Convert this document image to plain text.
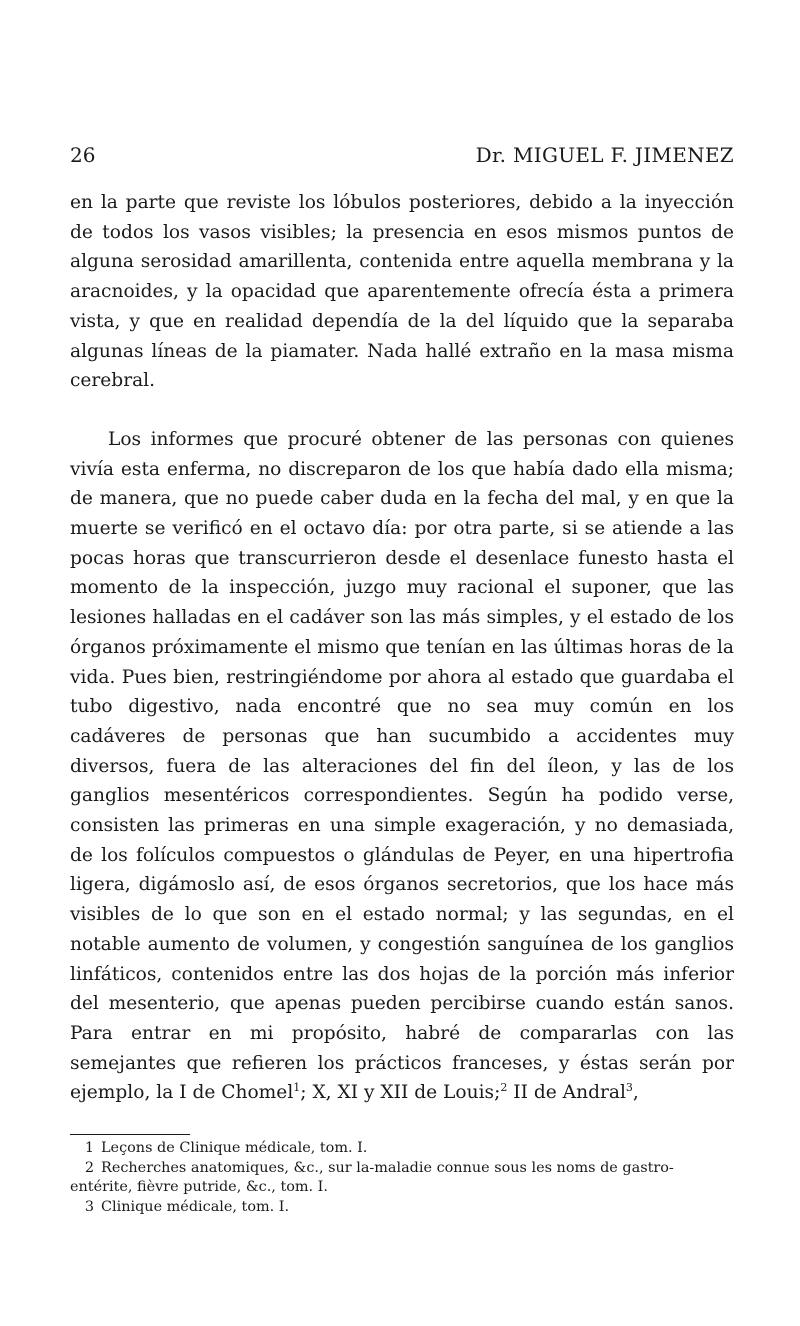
26	Dr. MIGUEL F. JIMENEZ

en la parte que reviste los lóbulos posteriores, debido a la inyección de todos los vasos visibles; la presencia en esos mismos puntos de alguna serosidad amarillenta, contenida entre aquella membrana y la aracnoides, y la opacidad que aparentemente ofrecía ésta a primera vista, y que en realidad dependía de la del líquido que la separaba algunas líneas de la piamater. Nada hallé extraño en la masa misma cerebral.

Los informes que procuré obtener de las personas con quienes vivía esta enferma, no discreparon de los que había dado ella misma; de manera, que no puede caber duda en la fecha del mal, y en que la muerte se verificó en el octavo día: por otra parte, si se atiende a las pocas horas que transcurrieron desde el desenlace funesto hasta el momento de la inspección, juzgo muy racional el suponer, que las lesiones halladas en el cadáver son las más simples, y el estado de los órganos próximamente el mismo que tenían en las últimas horas de la vida. Pues bien, restringiéndome por ahora al estado que guardaba el tubo digestivo, nada encontré que no sea muy común en los cadáveres de personas que han sucumbido a accidentes muy diversos, fuera de las alteraciones del fin del íleon, y las de los ganglios mesentéricos correspondientes. Según ha podido verse, consisten las primeras en una simple exageración, y no demasiada, de los folículos compuestos o glándulas de Peyer, en una hipertrofia ligera, digámoslo así, de esos órganos secretorios, que los hace más visibles de lo que son en el estado normal; y las segundas, en el notable aumento de volumen, y congestión sanguínea de los ganglios linfáticos, contenidos entre las dos hojas de la porción más inferior del mesenterio, que apenas pueden percibirse cuando están sanos. Para entrar en mi propósito, habré de compararlas con las semejantes que refieren los prácticos franceses, y éstas serán por ejemplo, la I de Chomel$^1$; X, XI y XII de Louis;$^2$ II de Andral$^3$,

1 Leçons de Clinique médicale, tom. I.

2 Recherches anatomiques, &c., sur la-maladie connue sous les noms de gastro-entérite, fièvre putride, &c., tom. I.

3 Clinique médicale, tom. I.
